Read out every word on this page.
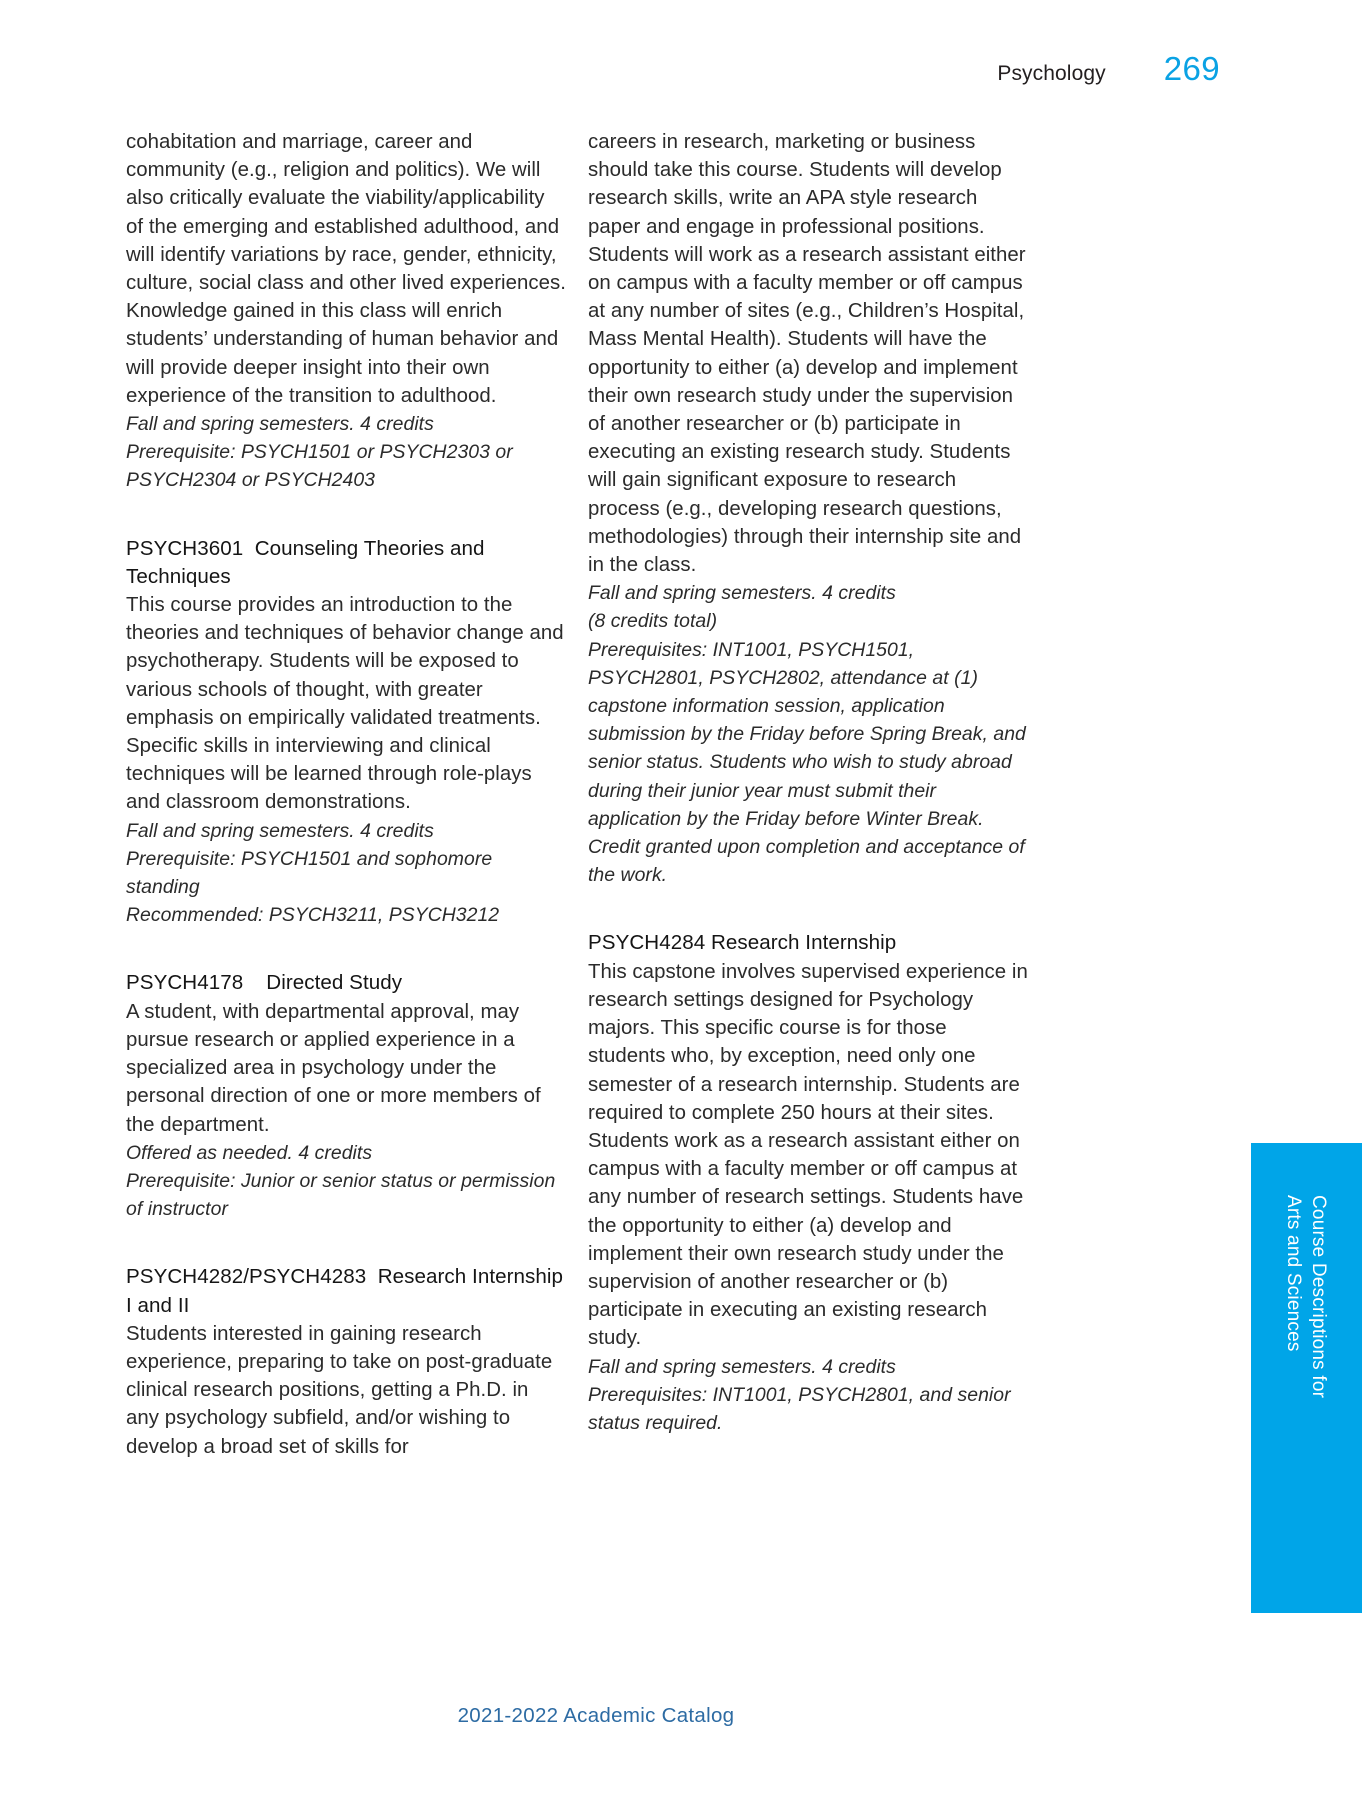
Psychology 269

cohabitation and marriage, career and community (e.g., religion and politics). We will also critically evaluate the viability/applicability of the emerging and established adulthood, and will identify variations by race, gender, ethnicity, culture, social class and other lived experiences. Knowledge gained in this class will enrich students’ understanding of human behavior and will provide deeper insight into their own experience of the transition to adulthood.

Fall and spring semesters. 4 credits

Prerequisite: PSYCH1501 or PSYCH2303 or PSYCH2304 or PSYCH2403

PSYCH3601  Counseling Theories and Techniques

This course provides an introduction to the theories and techniques of behavior change and psychotherapy. Students will be exposed to various schools of thought, with greater emphasis on empirically validated treatments. Specific skills in interviewing and clinical techniques will be learned through role-plays and classroom demonstrations.

Fall and spring semesters. 4 credits

Prerequisite: PSYCH1501 and sophomore standing

Recommended: PSYCH3211, PSYCH3212

PSYCH4178    Directed Study

A student, with departmental approval, may pursue research or applied experience in a specialized area in psychology under the personal direction of one or more members of the department.

Offered as needed. 4 credits

Prerequisite: Junior or senior status or permission of instructor

PSYCH4282/PSYCH4283  Research Internship I and II

Students interested in gaining research experience, preparing to take on post-graduate clinical research positions, getting a Ph.D. in any psychology subfield, and/or wishing to develop a broad set of skills for

careers in research, marketing or business should take this course. Students will develop research skills, write an APA style research paper and engage in professional positions. Students will work as a research assistant either on campus with a faculty member or off campus at any number of sites (e.g., Children’s Hospital, Mass Mental Health). Students will have the opportunity to either (a) develop and implement their own research study under the supervision of another researcher or (b) participate in executing an existing research study. Students will gain significant exposure to research process (e.g., developing research questions, methodologies) through their internship site and in the class.

Fall and spring semesters. 4 credits

(8 credits total)

Prerequisites: INT1001, PSYCH1501, PSYCH2801, PSYCH2802, attendance at (1) capstone information session, application submission by the Friday before Spring Break, and senior status. Students who wish to study abroad during their junior year must submit their application by the Friday before Winter Break. Credit granted upon completion and acceptance of the work.

PSYCH4284 Research Internship

This capstone involves supervised experience in research settings designed for Psychology majors. This specific course is for those students who, by exception, need only one semester of a research internship. Students are required to complete 250 hours at their sites. Students work as a research assistant either on campus with a faculty member or off campus at any number of research settings. Students have the opportunity to either (a) develop and implement their own research study under the supervision of another researcher or (b) participate in executing an existing research study.

Fall and spring semesters. 4 credits

Prerequisites: INT1001, PSYCH2801, and senior status required.

Course Descriptions for
Arts and Sciences
2021-2022 Academic Catalog
